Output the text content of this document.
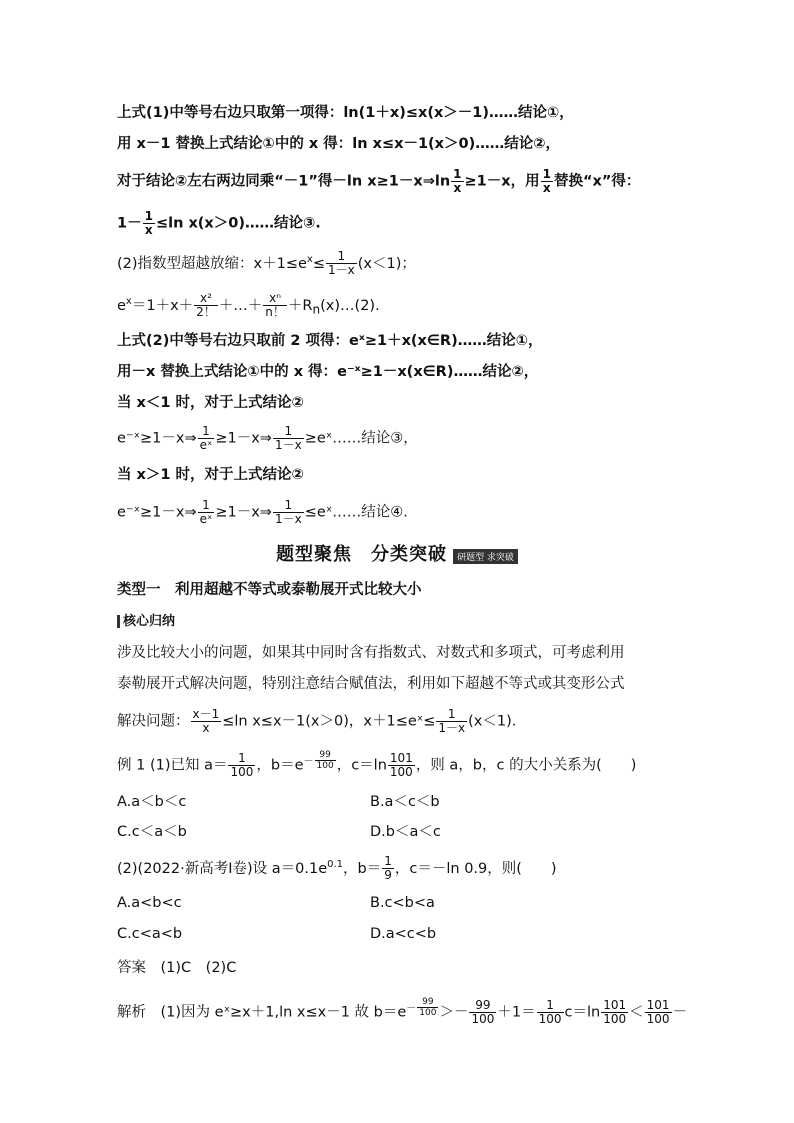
上式(1)中等号右边只取第一项得：ln(1＋x)≤x(x＞－1)……结论①，
用 x－1 替换上式结论①中的 x 得：ln x≤x－1(x＞0)……结论②，
对于结论②左右两边同乘“－1”得－ln x≥1－x⇒ln $\frac{1}{x} \ge 1-x$，用 $\frac{1}{x}$ 替换“x”得：
$1- \frac{1}{x} \le\ln$ x(x＞0)……结论③.
(2)指数型超越放缩：$x+1\le e^x\le \frac{1}{1-x} (x<1)$；
$e^x=1+x+ \frac{\text{x²}}{2!}$ ＋…＋ $\frac{\text{xⁿ}}{n!}$ $+R_n(x)\dots(2)$.
上式(2)中等号右边只取前 2 项得：eˣ≥1＋x(x∈R)……结论①，
用－x 替换上式结论①中的 x 得：e⁻ˣ≥1－x(x∈R)……结论②，
当 x＜1 时，对于上式结论②
e⁻ˣ≥1－x⇒ $\frac{1}{\text{eˣ}}$ ≥1－x⇒ $\frac{1}{1-x}$ ≥eˣ……结论③，
当 x＞1 时，对于上式结论②
e⁻ˣ≥1－x⇒ $\frac{1}{\text{eˣ}}$ ≥1－x⇒ $\frac{1}{1-x}$ ≤eˣ……结论④.
题型聚焦　分类突破 研题型 求突破
类型一　利用超越不等式或泰勒展开式比较大小
核心归纳
涉及比较大小的问题，如果其中同时含有指数式、对数式和多项式，可考虑利用
泰勒展开式解决问题，特别注意结合赋值法，利用如下超越不等式或其变形公式
解决问题： $\frac{x-1}{x} \le\ln$ x≤x－1(x＞0)，x＋1≤eˣ≤ $\frac{1}{1-x} (x<1)$.
例 1 (1)已知 $a= \frac{1}{100}$ ，$b=e^{- \frac{99}{100}}$ ，$c=\ln \frac{101}{100}$ ，则 a，b，c 的大小关系为(　　)
A.a＜b＜c	B.a＜c＜b
C.c＜a＜b	D.b＜a＜c
(2)(2022·新高考Ⅰ卷)设 $a=0.1e^{0.1}$，$b= \frac{1}{9}$ ，c＝－ln 0.9，则(　　)
A.a<b<c	B.c<b<a
C.c<a<b	D.a<c<b
答案　(1)C　(2)C
解析　(1)因为 eˣ≥x＋1,ln x≤x－1 故 $b=e^{- \frac{99}{100}} >- \frac{99}{100} +1= \frac{1}{100} c=\ln \frac{101}{100} < \frac{101}{100}$ －
